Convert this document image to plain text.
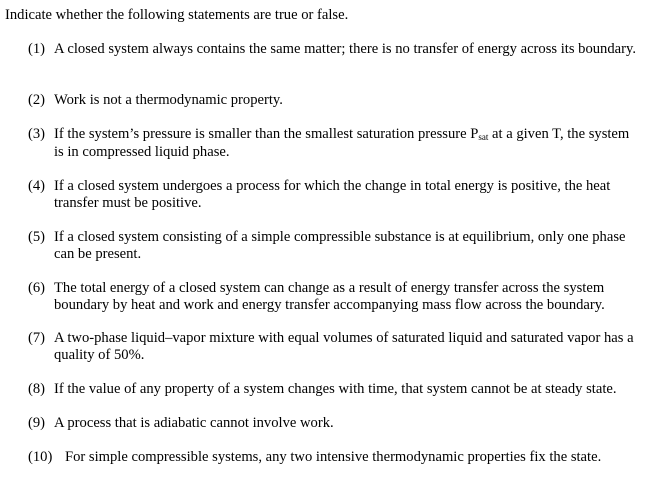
Indicate whether the following statements are true or false.

(1) A closed system always contains the same matter; there is no transfer of energy across its boundary.
(2) Work is not a thermodynamic property.
(3) If the system’s pressure is smaller than the smallest saturation pressure Psat at a given T, the system is in compressed liquid phase.
(4) If a closed system undergoes a process for which the change in total energy is positive, the heat transfer must be positive.
(5) If a closed system consisting of a simple compressible substance is at equilibrium, only one phase can be present.
(6) The total energy of a closed system can change as a result of energy transfer across the system boundary by heat and work and energy transfer accompanying mass flow across the boundary.
(7) A two-phase liquid–vapor mixture with equal volumes of saturated liquid and saturated vapor has a quality of 50%.
(8) If the value of any property of a system changes with time, that system cannot be at steady state.
(9) A process that is adiabatic cannot involve work.
(10) For simple compressible systems, any two intensive thermodynamic properties fix the state.
